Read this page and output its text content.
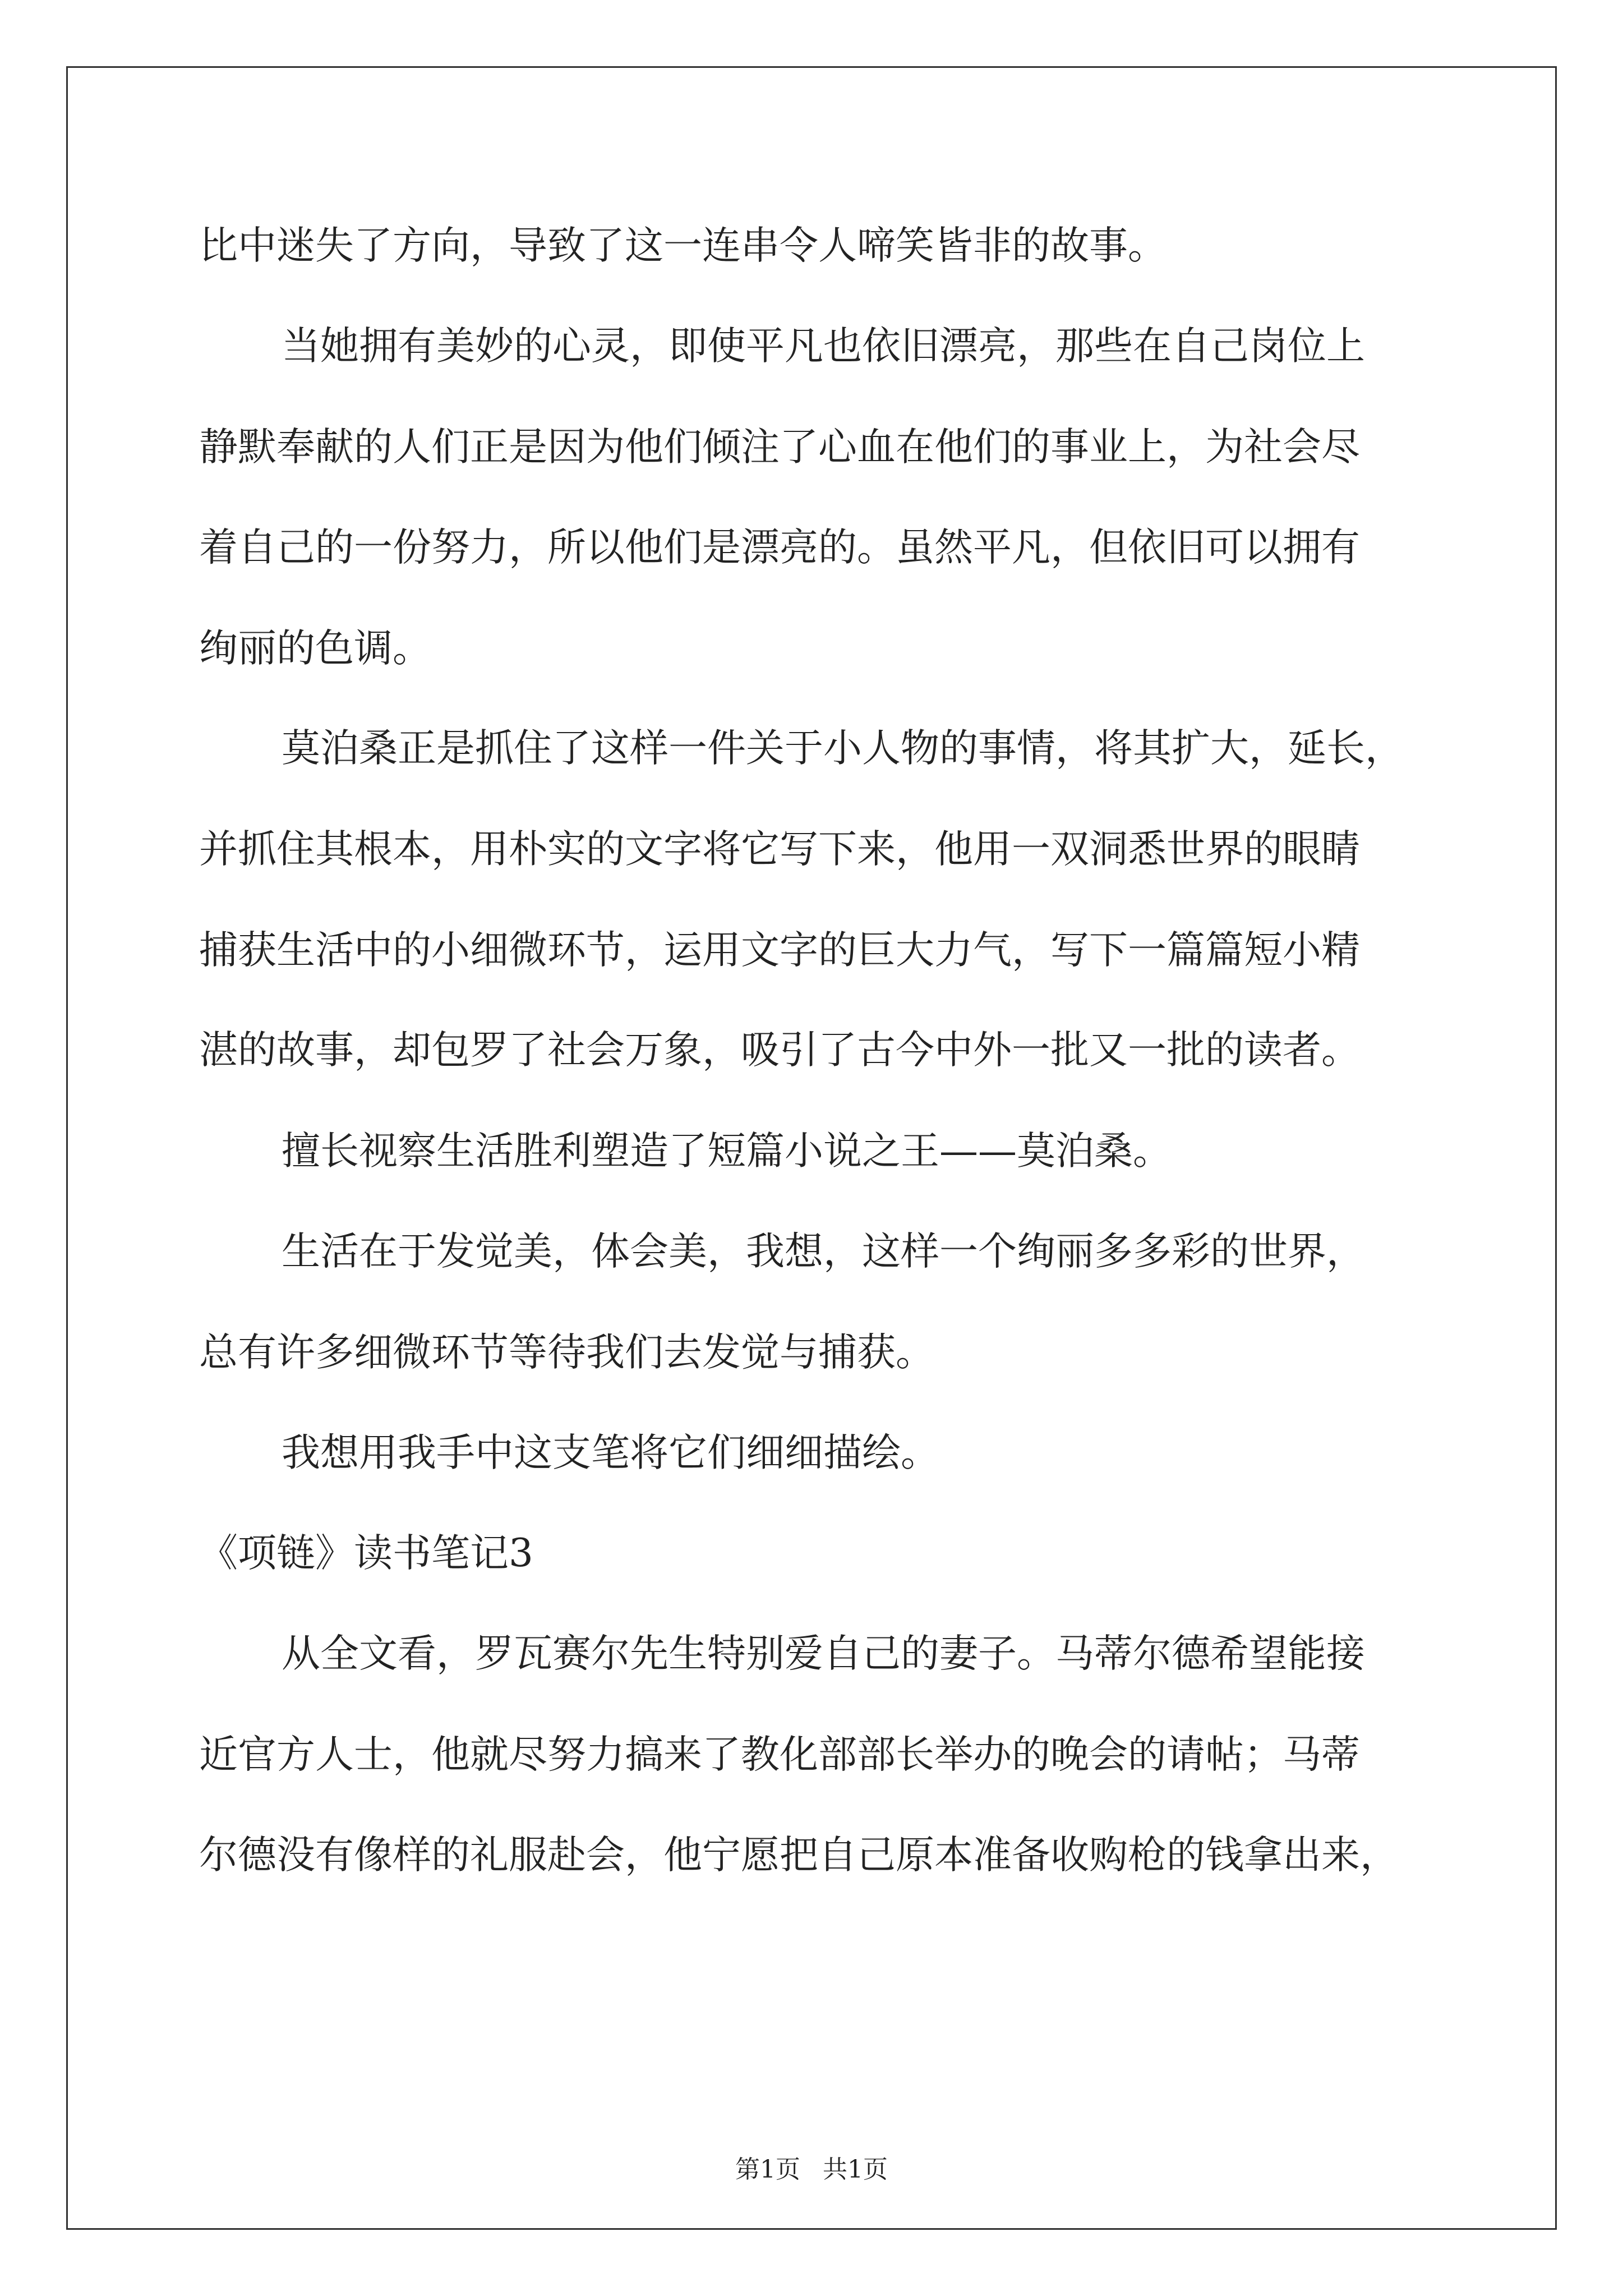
比中迷失了方向，导致了这一连串令人啼笑皆非的故事。
当她拥有美妙的心灵，即使平凡也依旧漂亮，那些在自己岗位上
静默奉献的人们正是因为他们倾注了心血在他们的事业上，为社会尽
着自己的一份努力，所以他们是漂亮的。虽然平凡，但依旧可以拥有
绚丽的色调。
莫泊桑正是抓住了这样一件关于小人物的事情，将其扩大，延长，
并抓住其根本，用朴实的文字将它写下来，他用一双洞悉世界的眼睛
捕获生活中的小细微环节，运用文字的巨大力气，写下一篇篇短小精
湛的故事，却包罗了社会万象，吸引了古今中外一批又一批的读者。
擅长视察生活胜利塑造了短篇小说之王——莫泊桑。
生活在于发觉美，体会美，我想，这样一个绚丽多多彩的世界，
总有许多细微环节等待我们去发觉与捕获。
我想用我手中这支笔将它们细细描绘。
《项链》读书笔记3
从全文看，罗瓦赛尔先生特别爱自己的妻子。马蒂尔德希望能接
近官方人士，他就尽努力搞来了教化部部长举办的晚会的请帖；马蒂
尔德没有像样的礼服赴会，他宁愿把自己原本准备收购枪的钱拿出来，
第1页 共1页
